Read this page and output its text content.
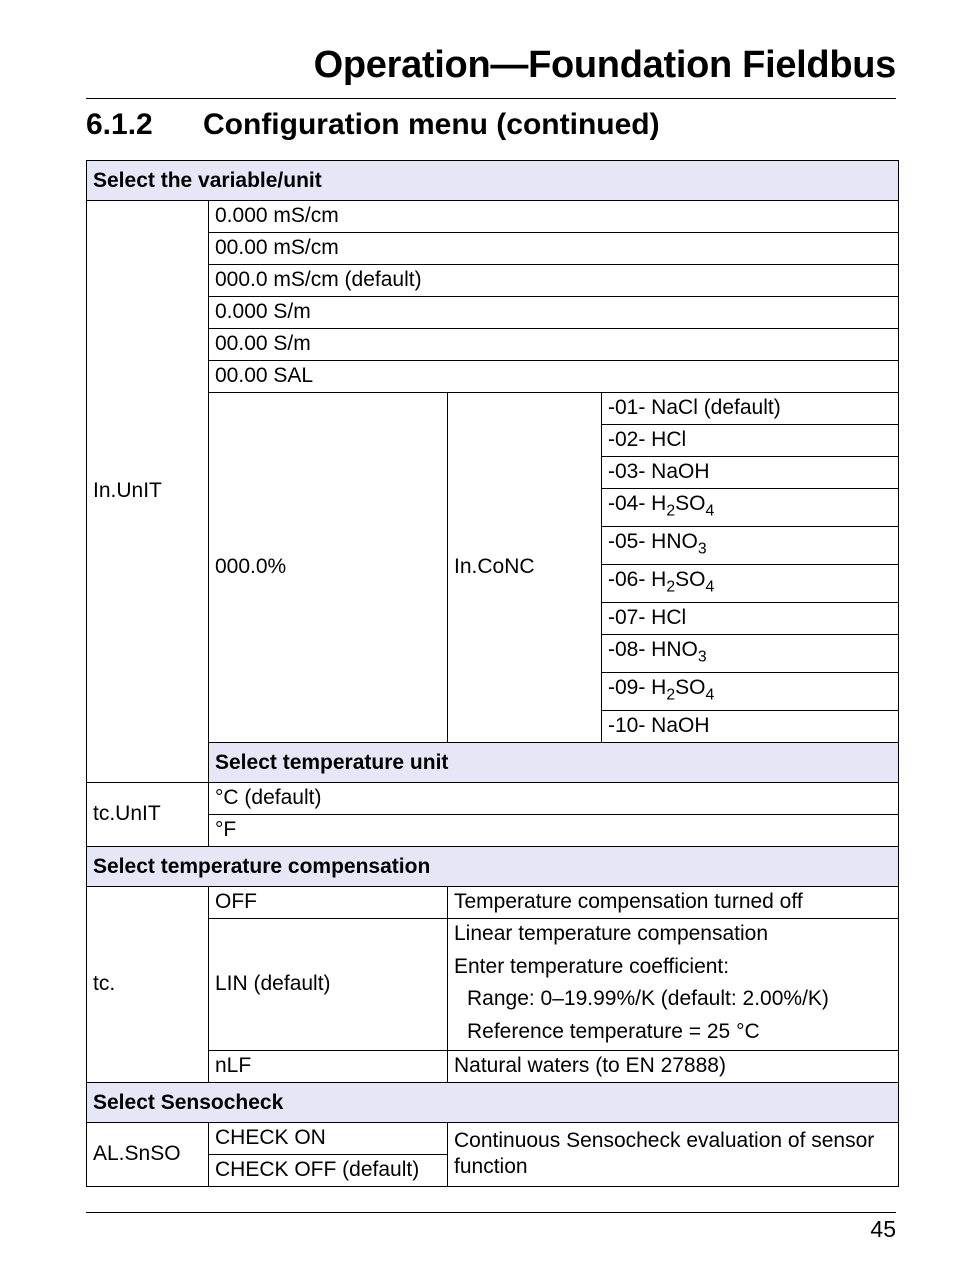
Operation—Foundation Fieldbus
6.1.2 Configuration menu (continued)
Select the variable/unit			
In.UnIT	0.000 mS/cm		
	00.00 mS/cm		
	000.0 mS/cm (default)		
	0.000 S/m		
	00.00 S/m		
	00.00 SAL		
	000.0%	In.CoNC	-01- NaCl (default)
			-02- HCl
			-03- NaOH
			-04- $H_2SO_4$
			-05- $HNO_3$
			-06- $H_2SO_4$
			-07- HCl
			-08- $HNO_3$
			-09- $H_2SO_4$
			-10- NaOH
	Select temperature unit		
tc.UnIT	°C (default)		
	°F		
Select temperature compensation			
tc.	OFF	Temperature compensation turned off	
	LIN (default)	Linear temperature compensation
Enter temperature coefficient:
Range: 0–19.99%/K (default: 2.00%/K)
Reference temperature = 25 °C	

	nLF	Natural waters (to EN 27888)	
Select Sensocheck			
AL.SnSO	CHECK ON	Continuous Sensocheck evaluation of sensor function	
	CHECK OFF (default)		
45
